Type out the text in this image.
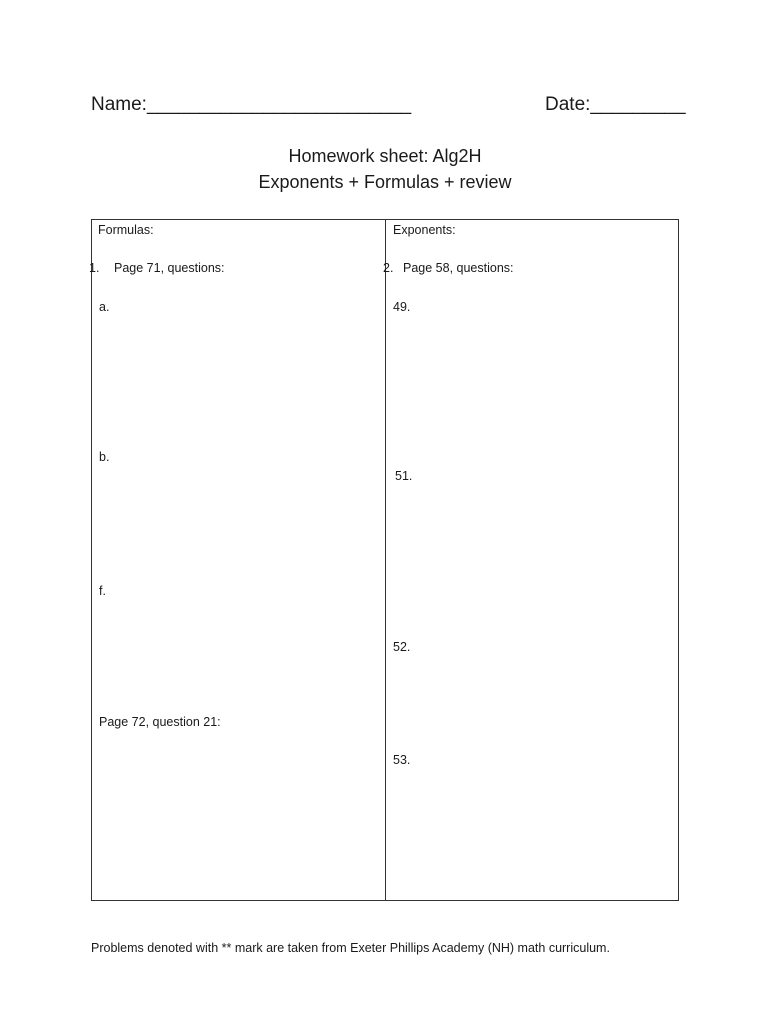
Name:_________________________	Date:_________
Homework sheet: Alg2H
Exponents + Formulas + review
Formulas:
1. Page 71, questions:
a.
b.
f.
Page 72, question 21:
Exponents:
2. Page 58, questions:
49.
51.
52.
53.
Problems denoted with ** mark are taken from Exeter Phillips Academy (NH) math curriculum.
